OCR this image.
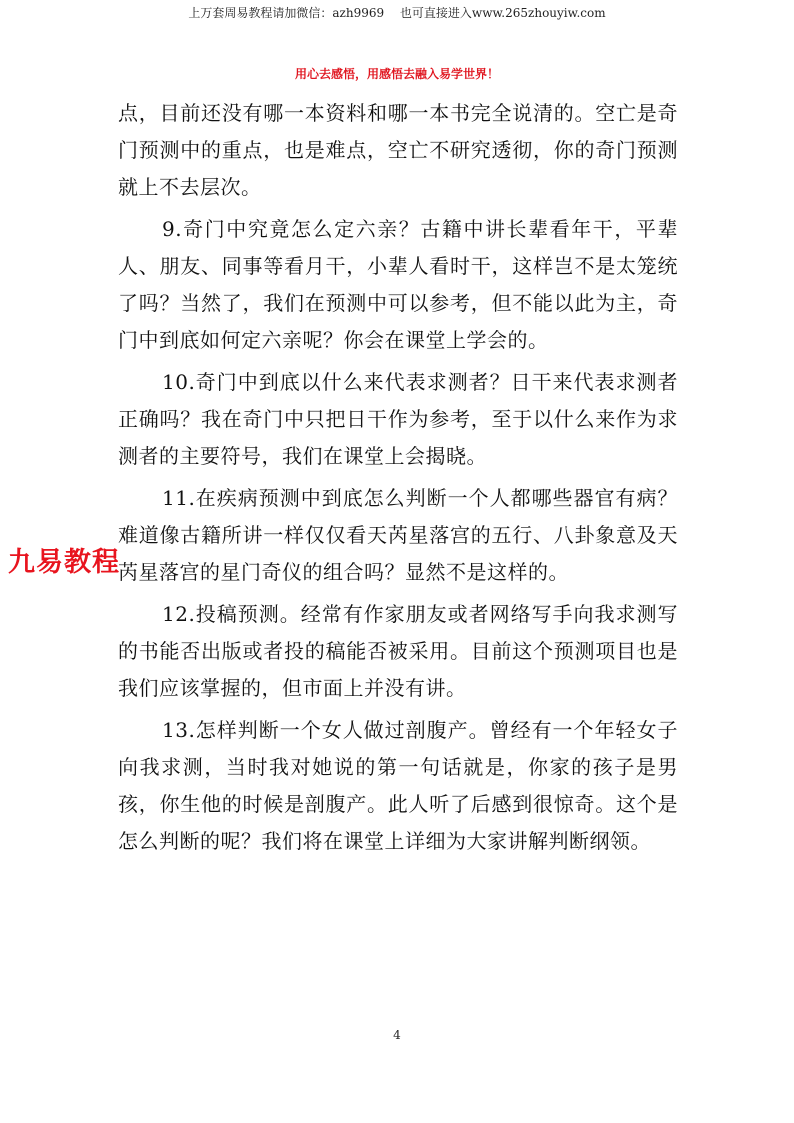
上万套周易教程请加微信：azh9969　 也可直接进入www.265zhouyiw.com
用心去感悟，用感悟去融入易学世界！

点，目前还没有哪一本资料和哪一本书完全说清的。空亡是奇门预测中的重点，也是难点，空亡不研究透彻，你的奇门预测就上不去层次。

9.奇门中究竟怎么定六亲？古籍中讲长辈看年干，平辈人、朋友、同事等看月干，小辈人看时干，这样岂不是太笼统了吗？当然了，我们在预测中可以参考，但不能以此为主，奇门中到底如何定六亲呢？你会在课堂上学会的。

10.奇门中到底以什么来代表求测者？日干来代表求测者正确吗？我在奇门中只把日干作为参考，至于以什么来作为求测者的主要符号，我们在课堂上会揭晓。

11.在疾病预测中到底怎么判断一个人都哪些器官有病？难道像古籍所讲一样仅仅看天芮星落宫的五行、八卦象意及天芮星落宫的星门奇仪的组合吗？显然不是这样的。

12.投稿预测。经常有作家朋友或者网络写手向我求测写的书能否出版或者投的稿能否被采用。目前这个预测项目也是我们应该掌握的，但市面上并没有讲。

13.怎样判断一个女人做过剖腹产。曾经有一个年轻女子向我求测，当时我对她说的第一句话就是，你家的孩子是男孩，你生他的时候是剖腹产。此人听了后感到很惊奇。这个是怎么判断的呢？我们将在课堂上详细为大家讲解判断纲领。

九易教程
4
